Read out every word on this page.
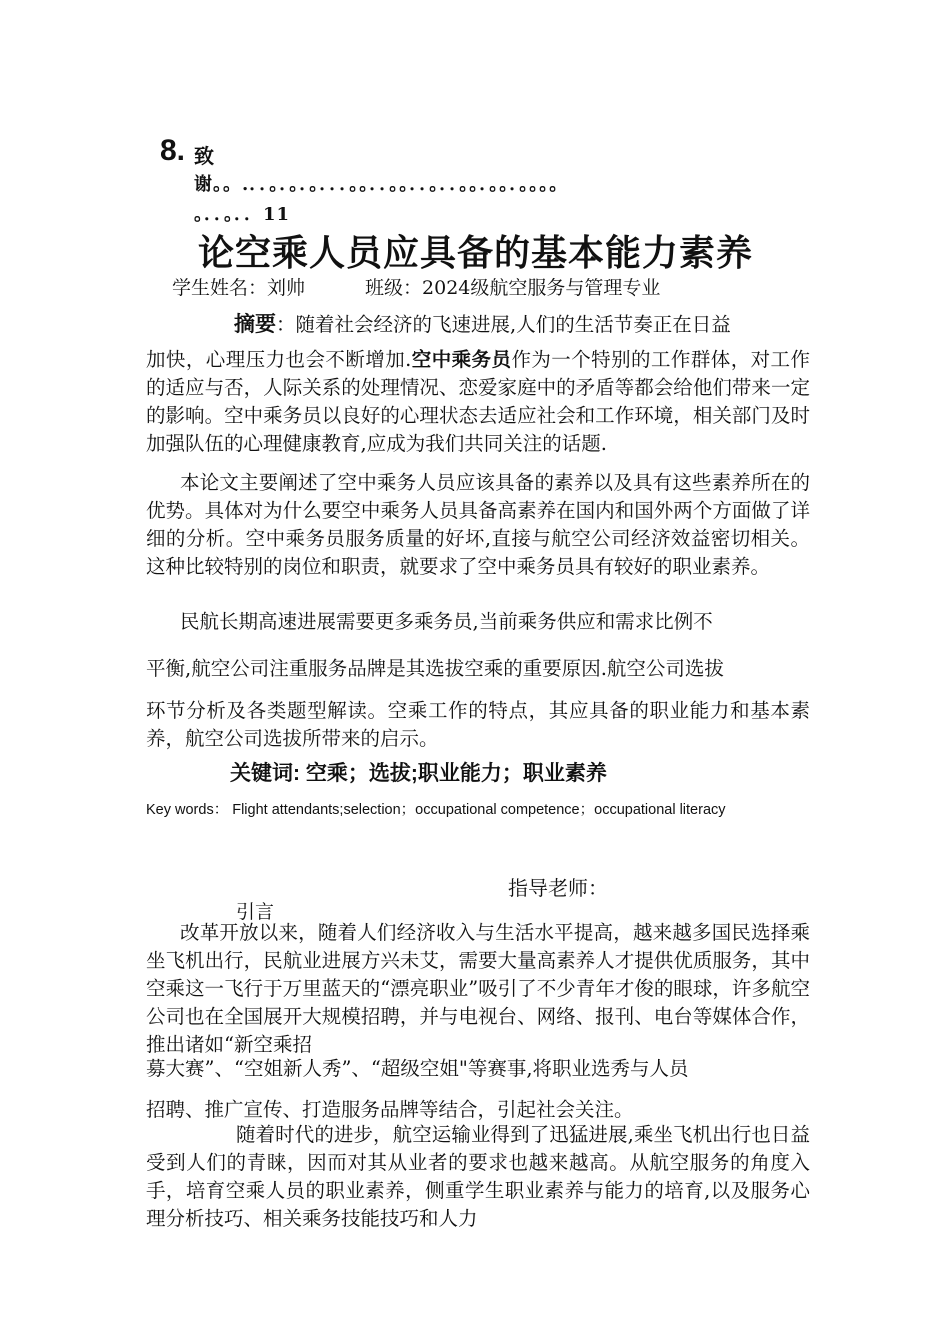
8. 致
谢。。.．．。．。．。．．．。。．．。。．．。．．。。．。。．。。。。
。．．。．．11
论空乘人员应具备的基本能力素养
学生姓名：刘帅	班级：2024级航空服务与管理专业
摘要：随着社会经济的飞速进展,人们的生活节奏正在日益
加快，心理压力也会不断增加.空中乘务员作为一个特别的工作群体，对工作的适应与否，人际关系的处理情况、恋爱家庭中的矛盾等都会给他们带来一定的影响。空中乘务员以良好的心理状态去适应社会和工作环境，相关部门及时加强队伍的心理健康教育,应成为我们共同关注的话题.
本论文主要阐述了空中乘务人员应该具备的素养以及具有这些素养所在的优势。具体对为什么要空中乘务人员具备高素养在国内和国外两个方面做了详细的分析。空中乘务员服务质量的好坏,直接与航空公司经济效益密切相关。这种比较特别的岗位和职责，就要求了空中乘务员具有较好的职业素养。
民航长期高速进展需要更多乘务员,当前乘务供应和需求比例不
平衡,航空公司注重服务品牌是其选拔空乘的重要原因.航空公司选拔
环节分析及各类题型解读。空乘工作的特点，其应具备的职业能力和基本素养，航空公司选拔所带来的启示。
关键词: 空乘；选拔;职业能力；职业素养
Key words： Flight attendants;selection；occupational competence；occupational literacy
指导老师：
引言
改革开放以来，随着人们经济收入与生活水平提高，越来越多国民选择乘坐飞机出行，民航业进展方兴未艾，需要大量高素养人才提供优质服务，其中空乘这一飞行于万里蓝天的“漂亮职业”吸引了不少青年才俊的眼球，许多航空公司也在全国展开大规模招聘，并与电视台、网络、报刊、电台等媒体合作，推出诸如“新空乘招
募大赛”、“空姐新人秀”、“超级空姐"等赛事,将职业选秀与人员
招聘、推广宣传、打造服务品牌等结合，引起社会关注。
随着时代的进步，航空运输业得到了迅猛进展,乘坐飞机出行也日益受到人们的青睐，因而对其从业者的要求也越来越高。从航空服务的角度入手，培育空乘人员的职业素养，侧重学生职业素养与能力的培育,以及服务心理分析技巧、相关乘务技能技巧和人力
